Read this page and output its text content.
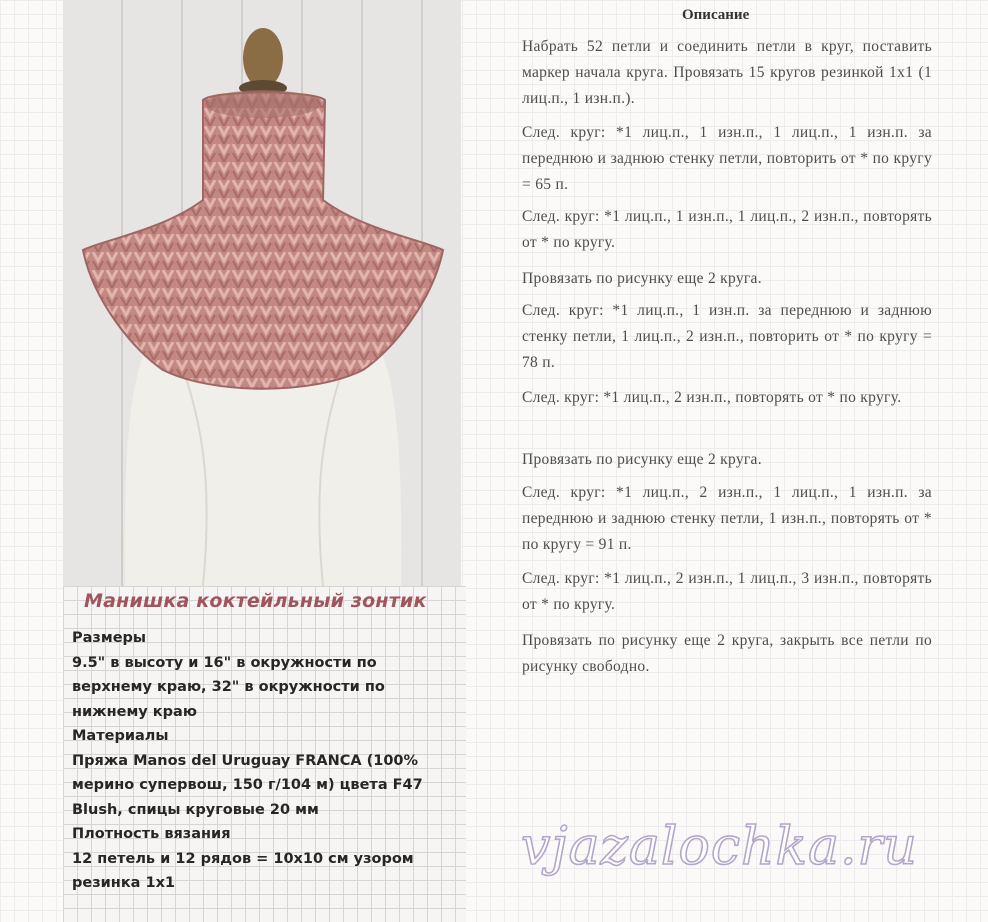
Манишка коктейльный зонтик
Размеры
9.5" в высоту и 16" в окружности по
верхнему краю, 32" в окружности по
нижнему краю
Материалы
Пряжа Manos del Uruguay FRANCA (100%
мерино супервош, 150 г/104 м) цвета F47
Blush, спицы круговые 20 мм
Плотность вязания
12 петель и 12 рядов = 10х10 см узором
резинка 1х1
Описание

Набрать 52 петли и соединить петли в круг, поставить маркер начала круга. Провязать 15 кругов резинкой 1х1 (1 лиц.п., 1 изн.п.).

След. круг: *1 лиц.п., 1 изн.п., 1 лиц.п., 1 изн.п. за переднюю и заднюю стенку петли, повторить от * по кругу = 65 п.

След. круг: *1 лиц.п., 1 изн.п., 1 лиц.п., 2 изн.п., повторять от * по кругу.

Провязать по рисунку еще 2 круга.

След. круг: *1 лиц.п., 1 изн.п. за переднюю и заднюю стенку петли, 1 лиц.п., 2 изн.п., повторить от * по кругу = 78 п.

След. круг: *1 лиц.п., 2 изн.п., повторять от * по кругу.

Провязать по рисунку еще 2 круга.

След. круг: *1 лиц.п., 2 изн.п., 1 лиц.п., 1 изн.п. за переднюю и заднюю стенку петли, 1 изн.п., повторять от * по кругу = 91 п.

След. круг: *1 лиц.п., 2 изн.п., 1 лиц.п., 3 изн.п., повторять от * по кругу.

Провязать по рисунку еще 2 круга, закрыть все петли по рисунку свободно.

vjazalochka.ru
